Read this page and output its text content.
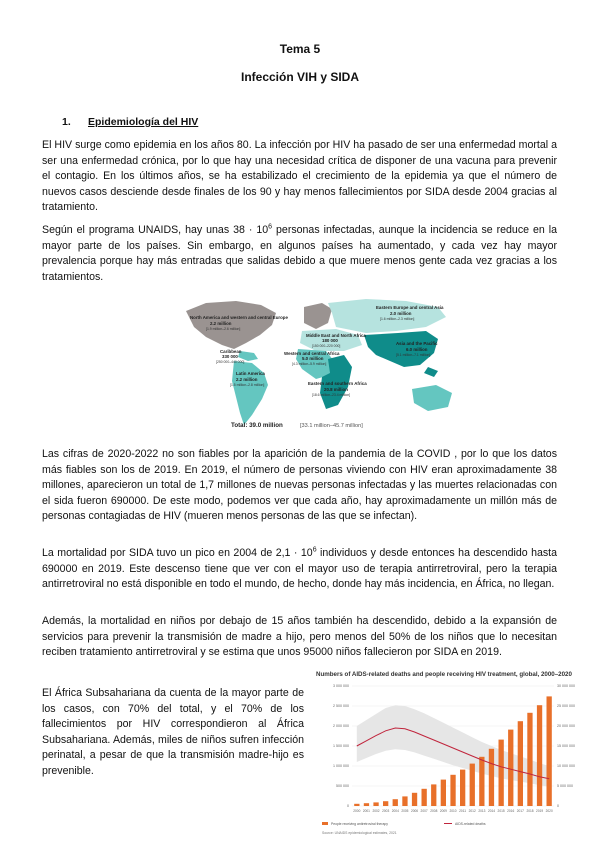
Tema 5
Infección VIH y SIDA
1. Epidemiología del HIV

El HIV surge como epidemia en los años 80. La infección por HIV ha pasado de ser una enfermedad mortal a ser una enfermedad crónica, por lo que hay una necesidad crítica de disponer de una vacuna para prevenir el contagio. En los últimos años, se ha estabilizado el crecimiento de la epidemia ya que el número de nuevos casos desciende desde finales de los 90 y hay menos fallecimientos por SIDA desde 2004 gracias al tratamiento.

Según el programa UNAIDS, hay unas $38 \cdot 10^6$ personas infectadas, aunque la incidencia se reduce en la mayor parte de los países. Sin embargo, en algunos países ha aumentado, y cada vez hay mayor prevalencia porque hay más entradas que salidas debido a que muere menos gente cada vez gracias a los tratamientos.

North America and western and central Europe
2.2 million
[1.9 million–2.6 million]
Eastern Europe and central Asia
2.0 million
[1.6 million–2.3 million]
Caribbean
330 000
[250 000–440 000]
Middle East and North Africa
180 000
[150 000–220 000]
Western and central Africa
5.0 million
[4.3 million–5.9 million]
Asia and the Pacific
6.0 million
[5.1 million–7.1 million]
Latin America
2.2 million
[1.5 million–2.8 million]	Eastern and southern Africa
20.8 million
[18.6 million–23.4 million]
Total: 39.0 million	[33.1 million–45.7 million]

Las cifras de 2020-2022 no son fiables por la aparición de la pandemia de la COVID , por lo que los datos más fiables son los de 2019. En 2019, el número de personas viviendo con HIV eran aproximadamente 38 millones, aparecieron un total de 1,7 millones de nuevas personas infectadas y las muertes relacionadas con el sida fueron 690000. De este modo, podemos ver que cada año, hay aproximadamente un millón más de personas contagiadas de HIV (mueren menos personas de las que se infectan).

La mortalidad por SIDA tuvo un pico en 2004 de $2,1 \cdot 10^6$ individuos y desde entonces ha descendido hasta 690000 en 2019. Este descenso tiene que ver con el mayor uso de terapia antirretroviral, pero la terapia antirretroviral no está disponible en todo el mundo, de hecho, donde hay más incidencia, en África, no llegan.

Además, la mortalidad en niños por debajo de 15 años también ha descendido, debido a la expansión de servicios para prevenir la transmisión de madre a hijo, pero menos del 50% de los niños que lo necesitan reciben tratamiento antirretroviral y se estima que unos 95000 niños fallecieron por SIDA en 2019.

El África Subsahariana da cuenta de la mayor parte de los casos, con 70% del total, y el 70% de los fallecimientos por HIV correspondieron al África Subsahariana. Además, miles de niños sufren infección perinatal, a pesar de que la transmisión madre-hijo es prevenible.

Numbers of AIDS-related deaths and people receiving HIV treatment, global, 2000–2020
3 000 000
2 500 000
2 000 000
1 500 000
1 000 000
500 000
0
30 000 000
25 000 000
20 000 000
15 000 000
10 000 000
5 000 000
0
2000 2001 2002 2003 2004 2005 2006 2007 2008 2009 2010 2011 2012 2013 2014 2015 2016 2017 2018 2019 2020
People receiving antiretroviral therapy	AIDS-related deaths
Source: UNAIDS epidemiological estimates, 2021
